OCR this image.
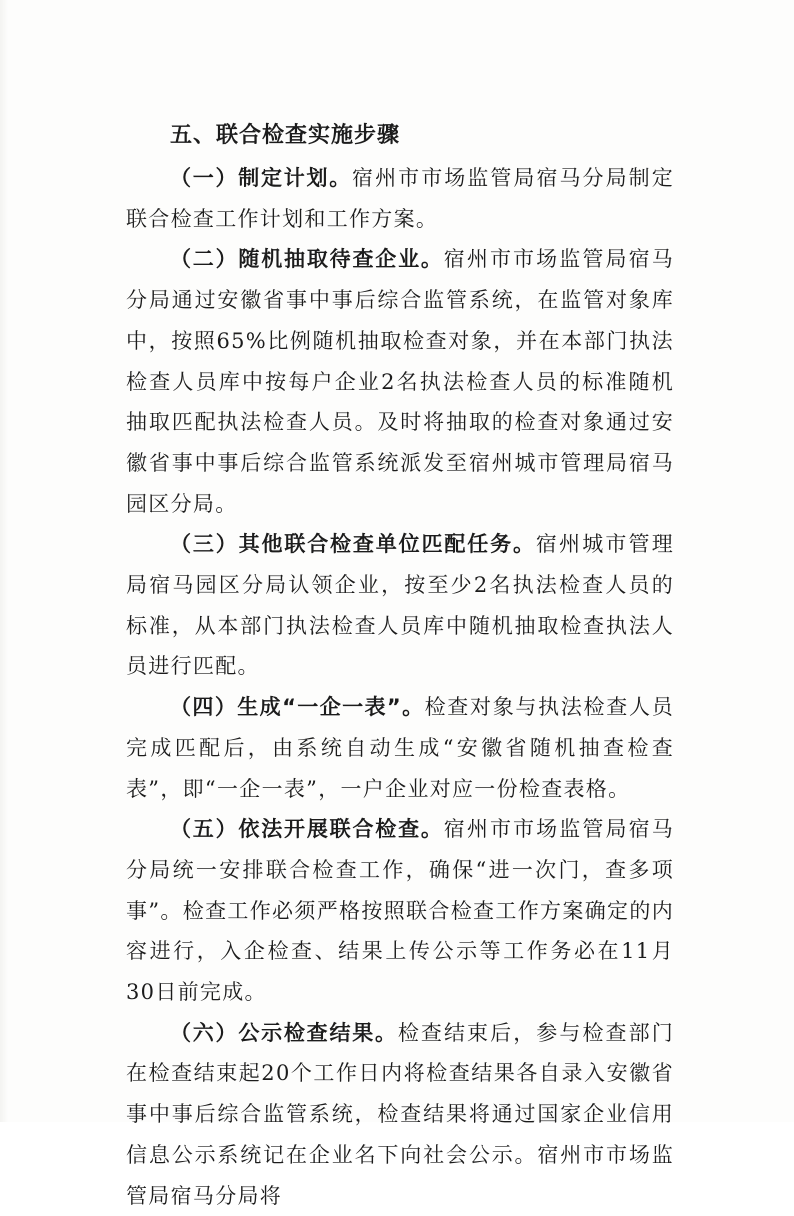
五、联合检查实施步骤

（一）制定计划。宿州市市场监管局宿马分局制定联合检查工作计划和工作方案。

（二）随机抽取待查企业。宿州市市场监管局宿马分局通过安徽省事中事后综合监管系统，在监管对象库中，按照65%比例随机抽取检查对象，并在本部门执法检查人员库中按每户企业2名执法检查人员的标准随机抽取匹配执法检查人员。及时将抽取的检查对象通过安徽省事中事后综合监管系统派发至宿州城市管理局宿马园区分局。

（三）其他联合检查单位匹配任务。宿州城市管理局宿马园区分局认领企业，按至少2名执法检查人员的标准，从本部门执法检查人员库中随机抽取检查执法人员进行匹配。

（四）生成“一企一表”。检查对象与执法检查人员完成匹配后，由系统自动生成“安徽省随机抽查检查表”，即“一企一表”，一户企业对应一份检查表格。

（五）依法开展联合检查。宿州市市场监管局宿马分局统一安排联合检查工作，确保“进一次门，查多项事”。检查工作必须严格按照联合检查工作方案确定的内容进行，入企检查、结果上传公示等工作务必在11月30日前完成。

（六）公示检查结果。检查结束后，参与检查部门在检查结束起20个工作日内将检查结果各自录入安徽省事中事后综合监管系统，检查结果将通过国家企业信用信息公示系统记在企业名下向社会公示。宿州市市场监管局宿马分局将
